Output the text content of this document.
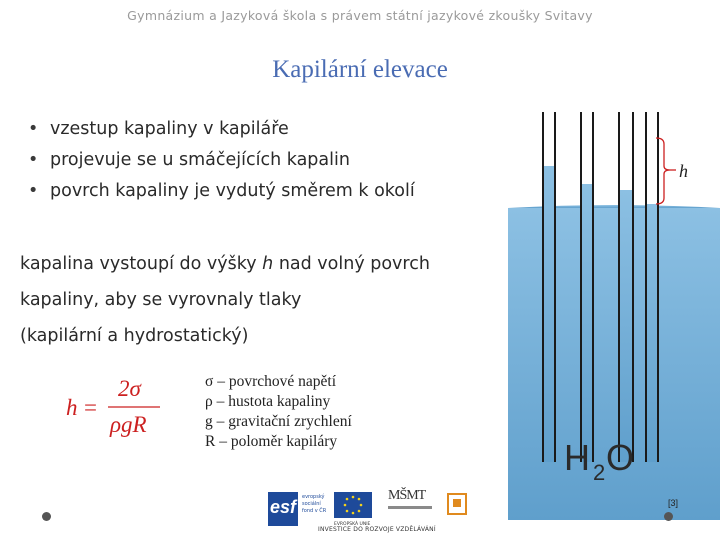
Gymnázium a Jazyková škola s právem státní jazykové zkoušky Svitavy
Kapilární elevace
• vzestup kapaliny v kapiláře
• projevuje se u smáčejících kapalin
• povrch kapaliny je vydutý směrem k okolí
kapalina vystoupí do výšky h nad volný povrch
kapaliny, aby se vyrovnaly tlaky
(kapilární a hydrostatický)
h =
2σ
ρgR
σ – povrchové napětí
ρ – hustota kapaliny
g – gravitační zrychlení
R – poloměr kapiláry
h
H 2 O
[3]
esf evropský
sociální
fond v ČR
EVROPSKÁ UNIE
MŠMT
INVESTICE DO ROZVOJE VZDĚLÁVÁNÍ
